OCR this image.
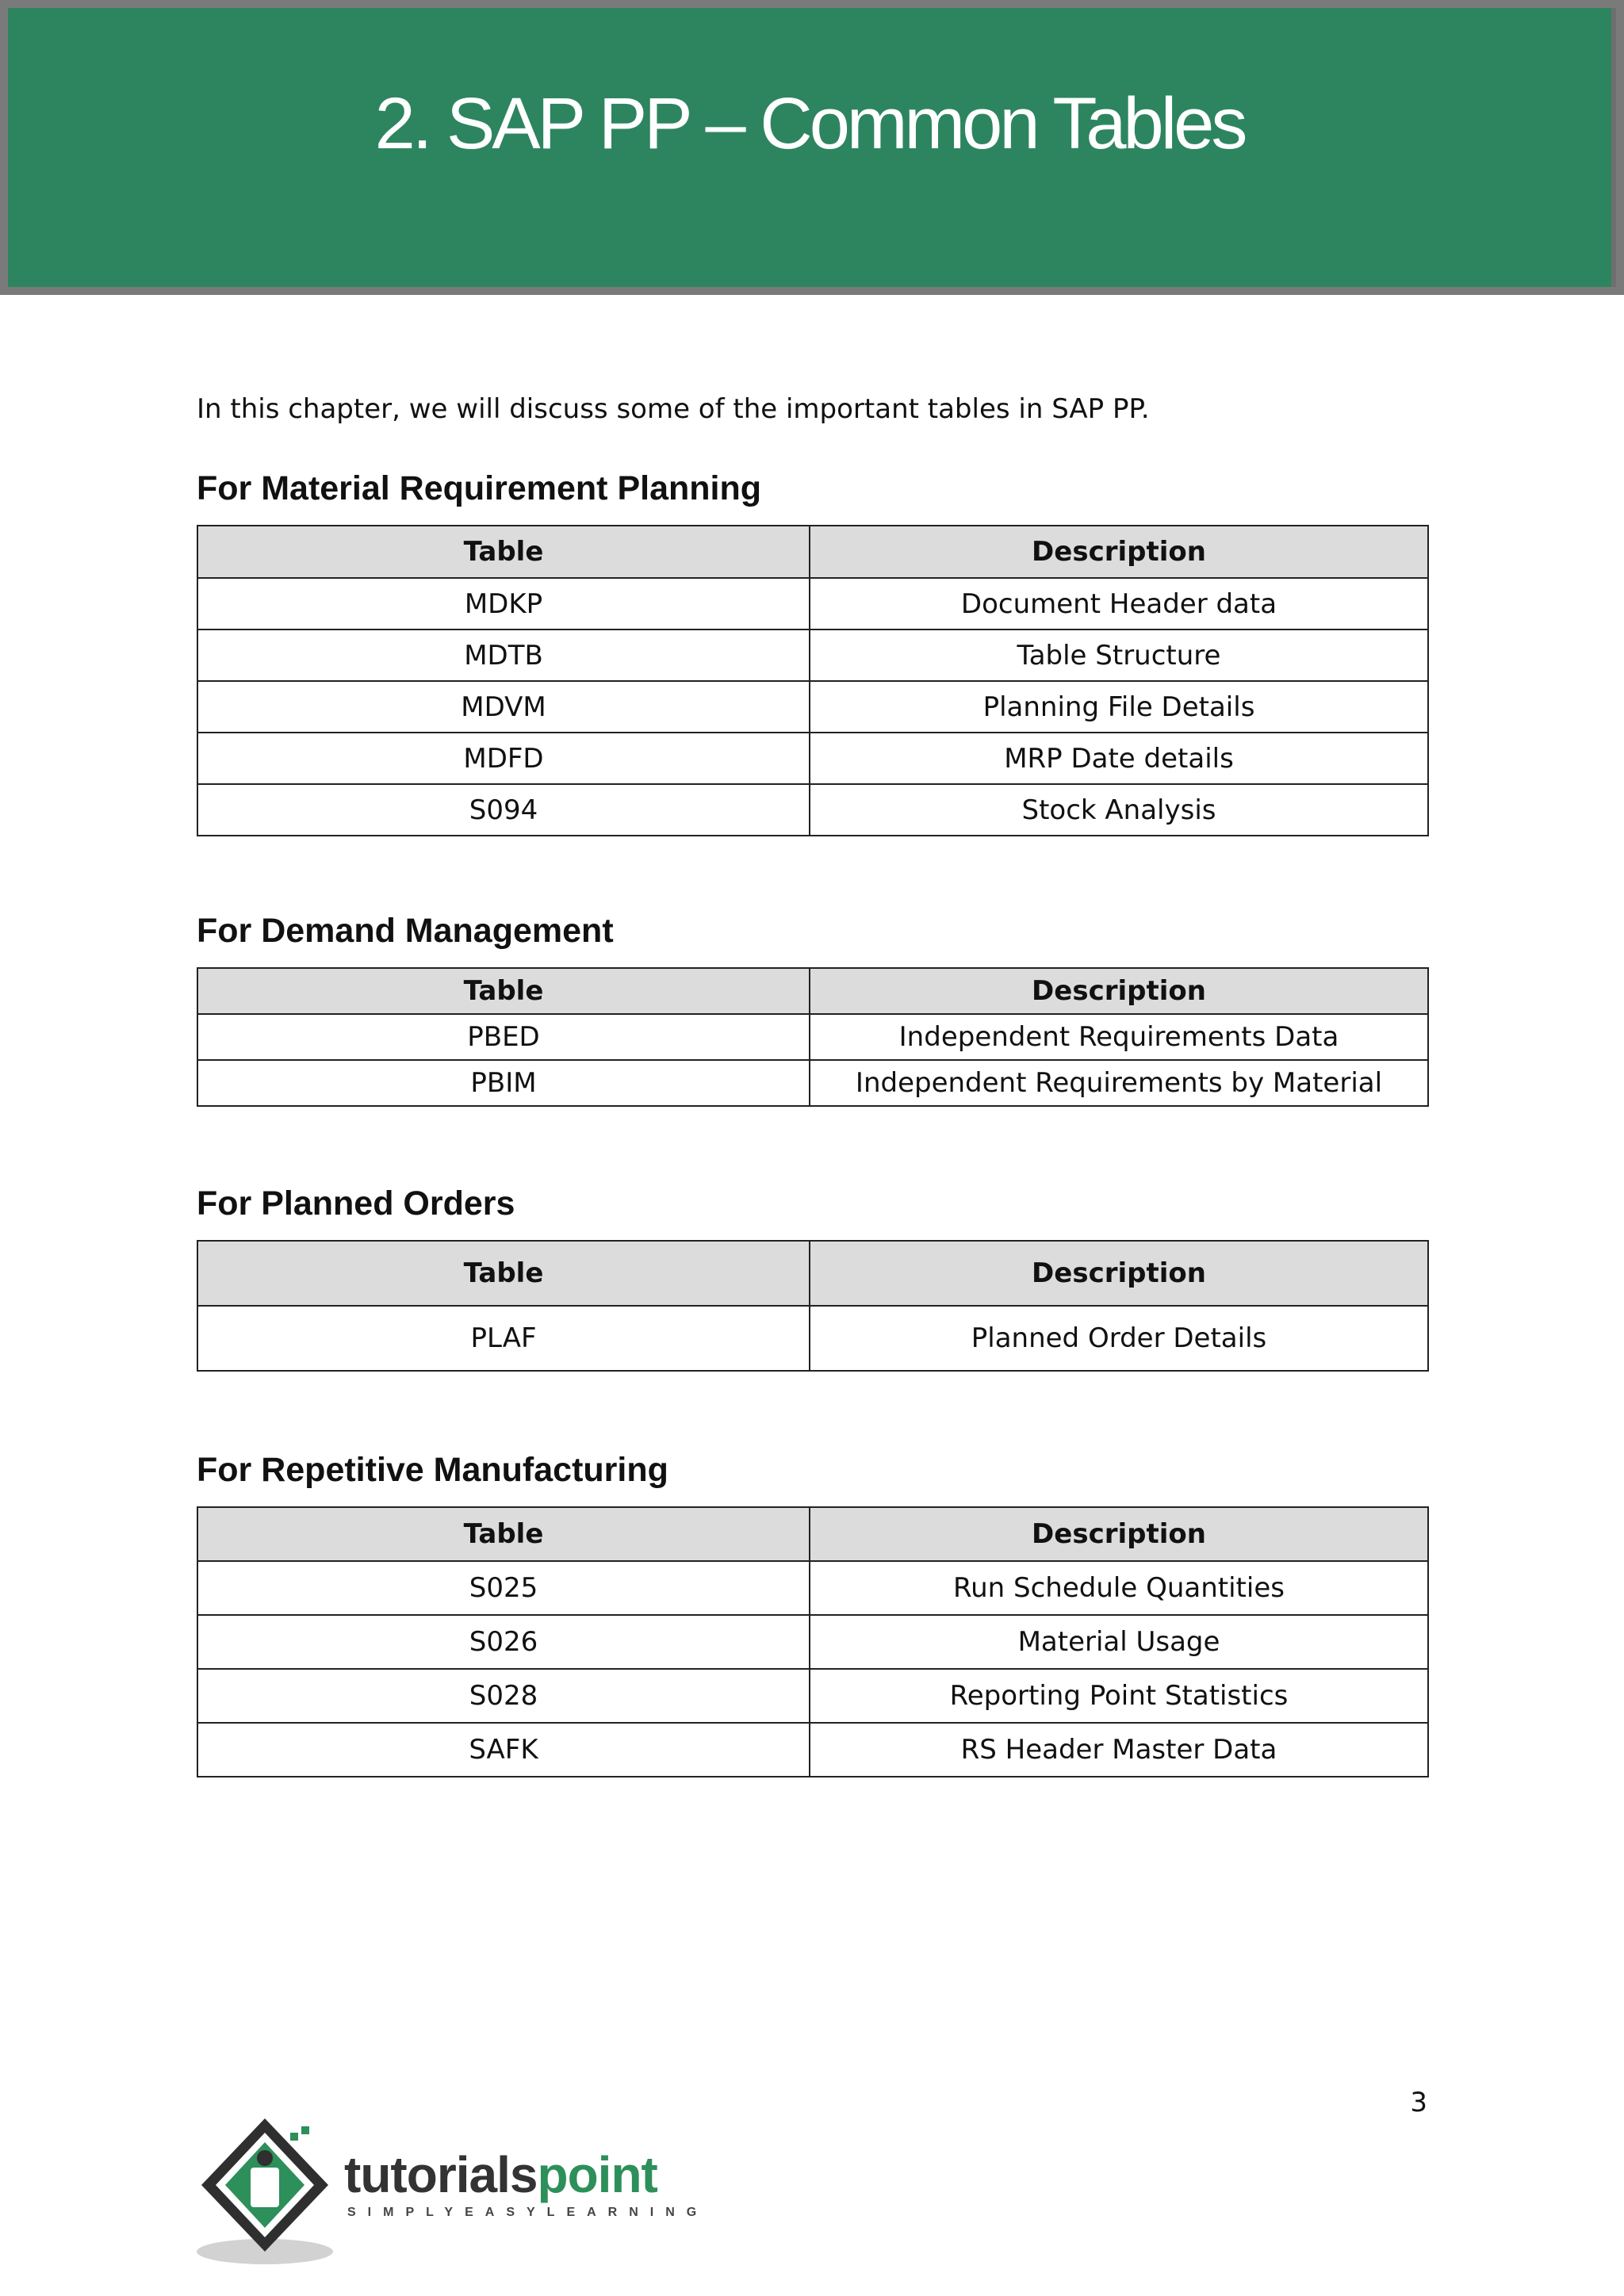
2. SAP PP – Common Tables

In this chapter, we will discuss some of the important tables in SAP PP.

For Material Requirement Planning
Table	Description
MDKP	Document Header data
MDTB	Table Structure
MDVM	Planning File Details
MDFD	MRP Date details
S094	Stock Analysis
For Demand Management
Table	Description
PBED	Independent Requirements Data
PBIM	Independent Requirements by Material
For Planned Orders
Table	Description
PLAF	Planned Order Details
For Repetitive Manufacturing
Table	Description
S025	Run Schedule Quantities
S026	Material Usage
S028	Reporting Point Statistics
SAFK	RS Header Master Data
3
tutorialspoint
SIMPLYEASYLEARNING
